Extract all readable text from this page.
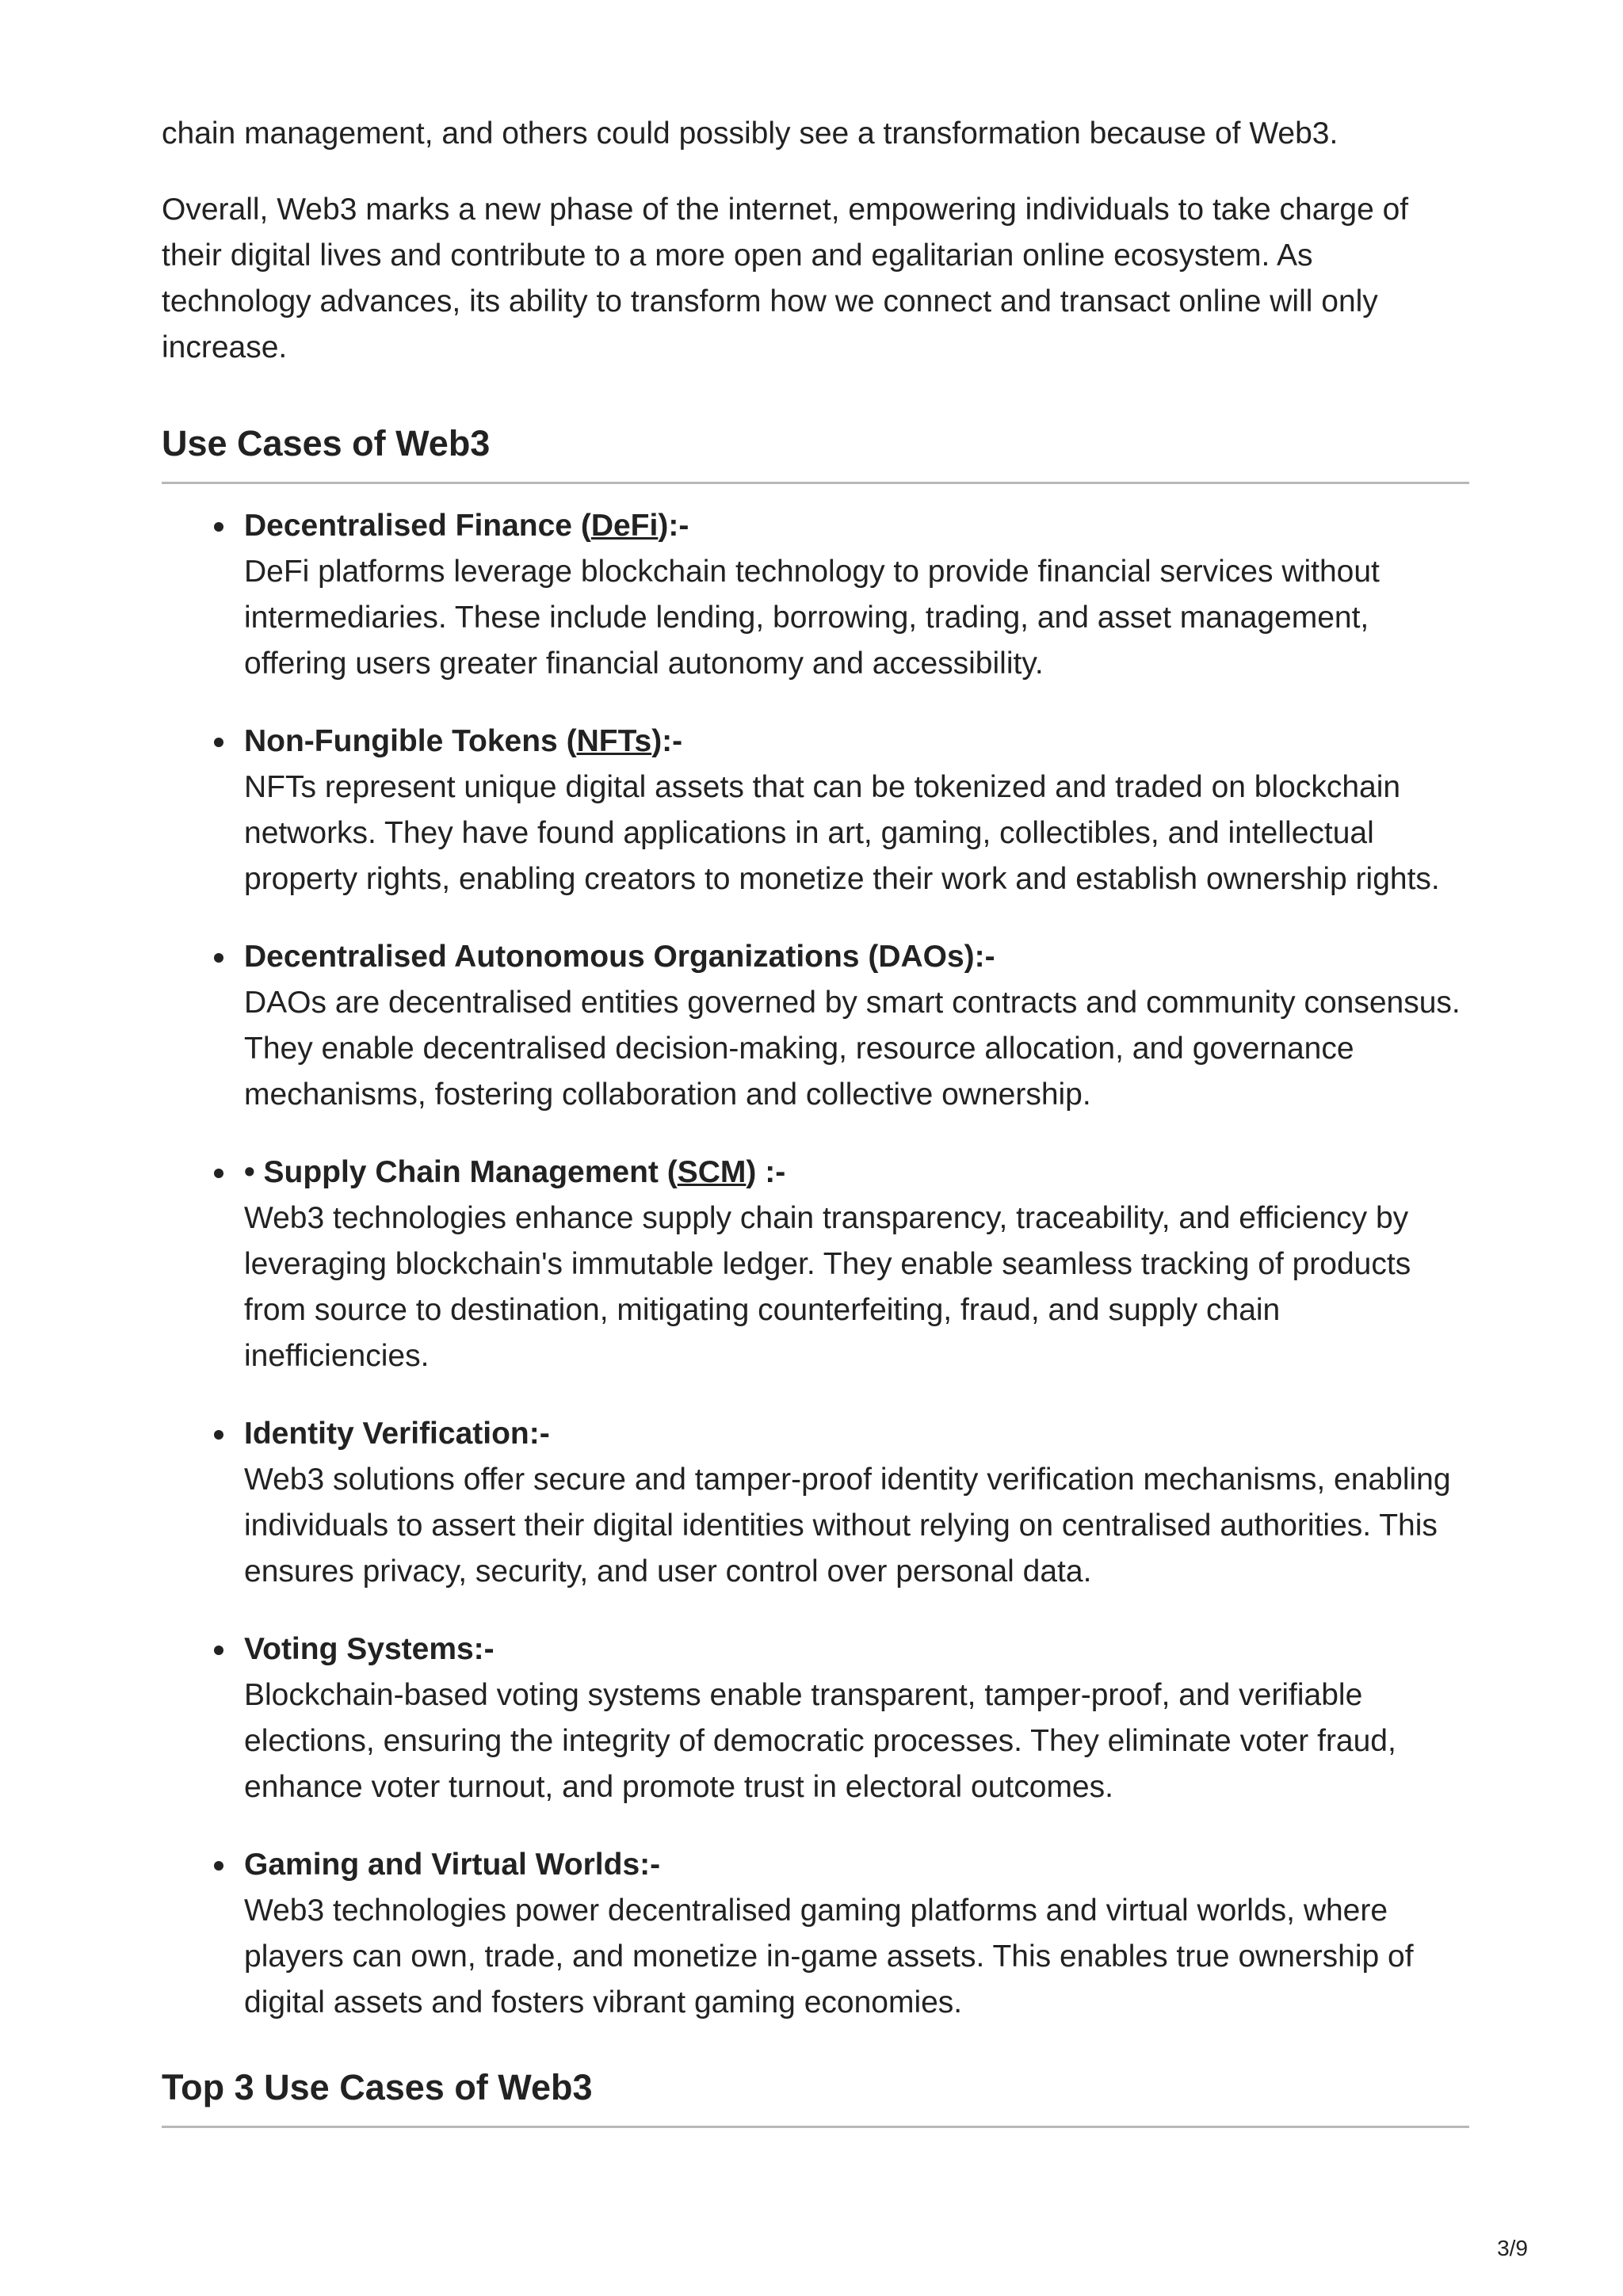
chain management, and others could possibly see a transformation because of Web3.

Overall, Web3 marks a new phase of the internet, empowering individuals to take charge of their digital lives and contribute to a more open and egalitarian online ecosystem. As technology advances, its ability to transform how we connect and transact online will only increase.

Use Cases of Web3
Decentralised Finance (DeFi):-
DeFi platforms leverage blockchain technology to provide financial services without intermediaries. These include lending, borrowing, trading, and asset management, offering users greater financial autonomy and accessibility.
Non-Fungible Tokens (NFTs):-
NFTs represent unique digital assets that can be tokenized and traded on blockchain networks. They have found applications in art, gaming, collectibles, and intellectual property rights, enabling creators to monetize their work and establish ownership rights.
Decentralised Autonomous Organizations (DAOs):-
DAOs are decentralised entities governed by smart contracts and community consensus. They enable decentralised decision-making, resource allocation, and governance mechanisms, fostering collaboration and collective ownership.
• Supply Chain Management (SCM) :-
Web3 technologies enhance supply chain transparency, traceability, and efficiency by leveraging blockchain's immutable ledger. They enable seamless tracking of products from source to destination, mitigating counterfeiting, fraud, and supply chain inefficiencies.
Identity Verification:-
Web3 solutions offer secure and tamper-proof identity verification mechanisms, enabling individuals to assert their digital identities without relying on centralised authorities. This ensures privacy, security, and user control over personal data.
Voting Systems:-
Blockchain-based voting systems enable transparent, tamper-proof, and verifiable elections, ensuring the integrity of democratic processes. They eliminate voter fraud, enhance voter turnout, and promote trust in electoral outcomes.
Gaming and Virtual Worlds:-
Web3 technologies power decentralised gaming platforms and virtual worlds, where players can own, trade, and monetize in-game assets. This enables true ownership of digital assets and fosters vibrant gaming economies.
Top 3 Use Cases of Web3
3/9
